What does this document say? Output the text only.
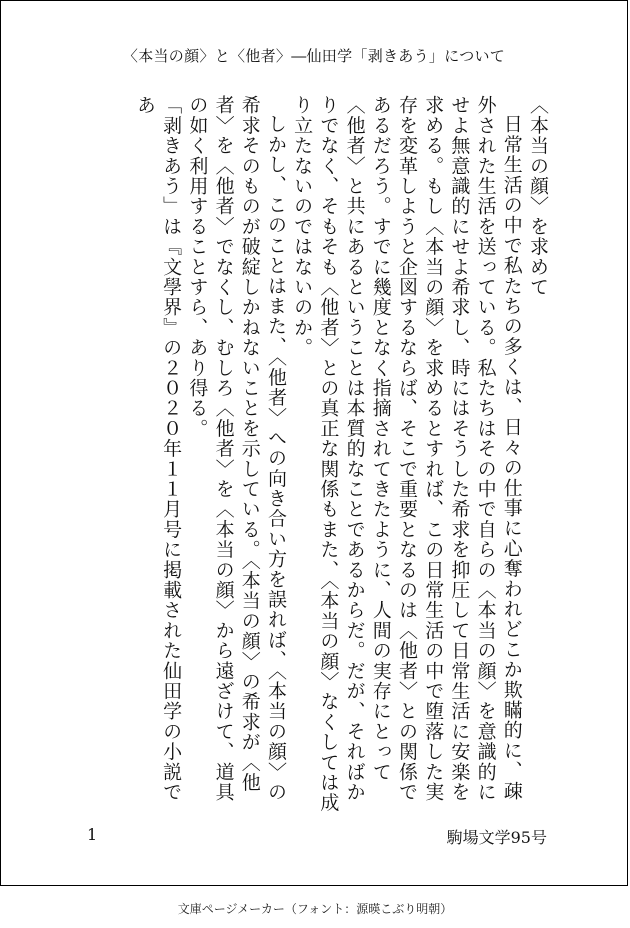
〈本当の顔〉と〈他者〉―仙田学「剥きあう」について

〈本当の顔〉を求めて

日常生活の中で私たちの多くは、日々の仕事に心奪われどこか欺瞞的に、疎外された生活を送っている。私たちはその中で自らの〈本当の顔〉を意識的にせよ無意識的にせよ希求し、時にはそうした希求を抑圧して日常生活に安楽を求める。もし〈本当の顔〉を求めるとすれば、この日常生活の中で堕落した実存を変革しようと企図するならば、そこで重要となるのは〈他者〉との関係であるだろう。すでに幾度となく指摘されてきたように、人間の実存にとって〈他者〉と共にあるということは本質的なことであるからだ。だが、そればかりでなく、そもそも〈他者〉との真正な関係もまた、〈本当の顔〉なくしては成り立たないのではないのか。

しかし、このことはまた、〈他者〉への向き合い方を誤れば、〈本当の顔〉の希求そのものが破綻しかねないことを示している。〈本当の顔〉の希求が〈他者〉を〈他者〉でなくし、むしろ〈他者〉を〈本当の顔〉から遠ざけて、道具の如く利用することすら、あり得る。

「剥きあう」は『文學界』の２０２０年１１月号に掲載された仙田学の小説であ

1	駒場文学95号
文庫ページメーカー（フォント：源暎こぶり明朝）
